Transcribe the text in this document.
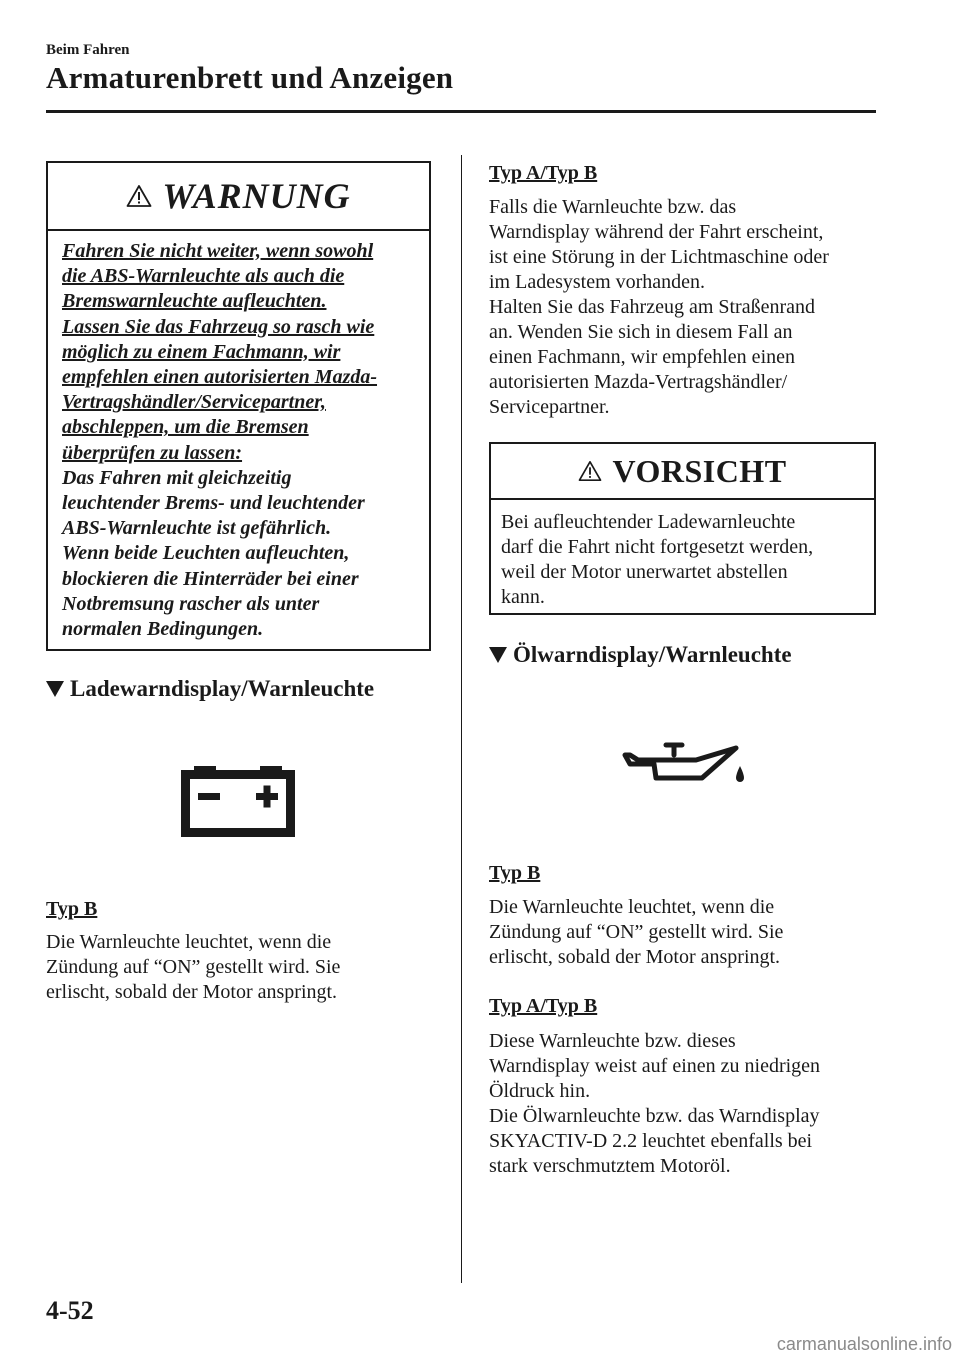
Beim Fahren
Armaturenbrett und Anzeigen
WARNUNG
Fahren Sie nicht weiter, wenn sowohl
die ABS-Warnleuchte als auch die
Bremswarnleuchte aufleuchten.
Lassen Sie das Fahrzeug so rasch wie
möglich zu einem Fachmann, wir
empfehlen einen autorisierten Mazda-
Vertragshändler/Servicepartner,
abschleppen, um die Bremsen
überprüfen zu lassen:
Das Fahren mit gleichzeitig
leuchtender Brems- und leuchtender
ABS-Warnleuchte ist gefährlich.
Wenn beide Leuchten aufleuchten,
blockieren die Hinterräder bei einer
Notbremsung rascher als unter
normalen Bedingungen.
Ladewarndisplay/Warnleuchte
Typ B
Die Warnleuchte leuchtet, wenn die
Zündung auf “ON” gestellt wird. Sie
erlischt, sobald der Motor anspringt.
Typ A/Typ B
Falls die Warnleuchte bzw. das
Warndisplay während der Fahrt erscheint,
ist eine Störung in der Lichtmaschine oder
im Ladesystem vorhanden.
Halten Sie das Fahrzeug am Straßenrand
an. Wenden Sie sich in diesem Fall an
einen Fachmann, wir empfehlen einen
autorisierten Mazda-Vertragshändler/
Servicepartner.
VORSICHT
Bei aufleuchtender Ladewarnleuchte
darf die Fahrt nicht fortgesetzt werden,
weil der Motor unerwartet abstellen
kann.
Ölwarndisplay/Warnleuchte
Typ B
Die Warnleuchte leuchtet, wenn die
Zündung auf “ON” gestellt wird. Sie
erlischt, sobald der Motor anspringt.
Typ A/Typ B
Diese Warnleuchte bzw. dieses
Warndisplay weist auf einen zu niedrigen
Öldruck hin.
Die Ölwarnleuchte bzw. das Warndisplay
SKYACTIV-D 2.2 leuchtet ebenfalls bei
stark verschmutztem Motoröl.
4-52
carmanualsonline.info
